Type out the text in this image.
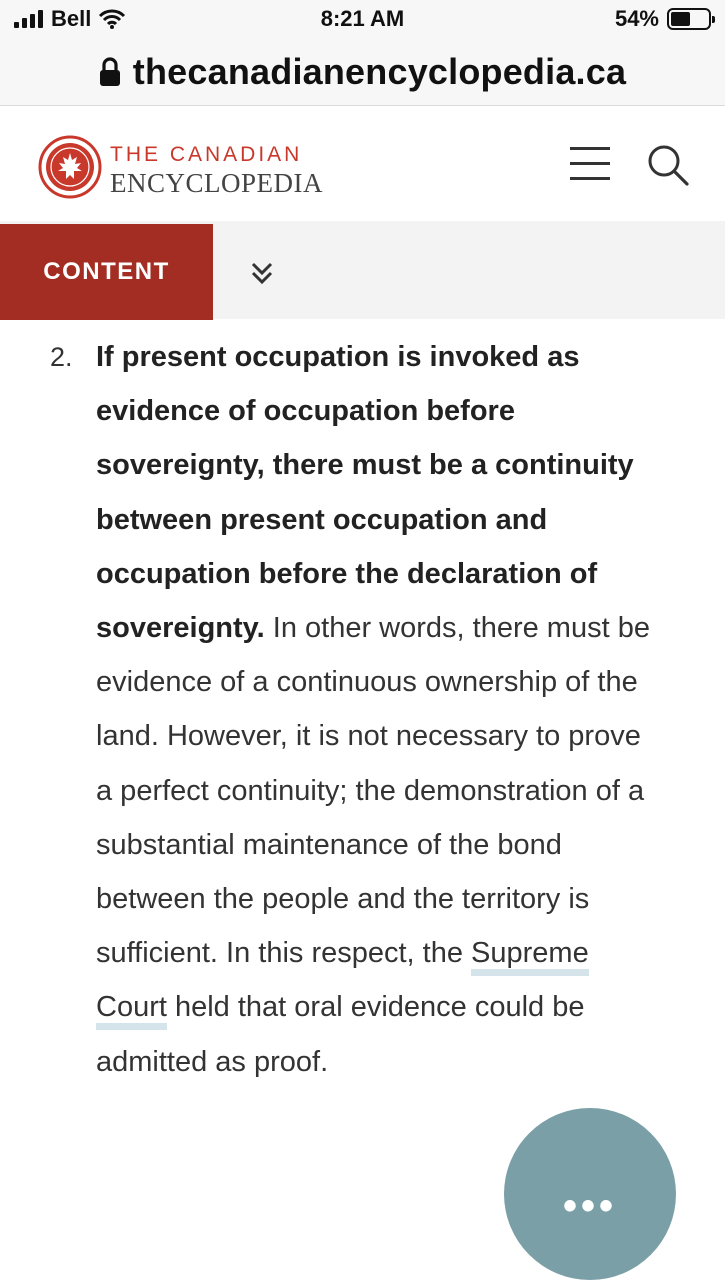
Bell	8:21 AM	54%
thecanadianencyclopedia.ca
THE CANADIAN
ENCYCLOPEDIA
CONTENT
2. If present occupation is invoked as evidence of occupation before sovereignty, there must be a continuity between present occupation and occupation before the declaration of sovereignty. In other words, there must be evidence of a continuous ownership of the land. However, it is not necessary to prove a perfect continuity; the demonstration of a substantial maintenance of the bond between the people and the territory is sufficient. In this respect, the Supreme Court held that oral evidence could be admitted as proof.

•••
